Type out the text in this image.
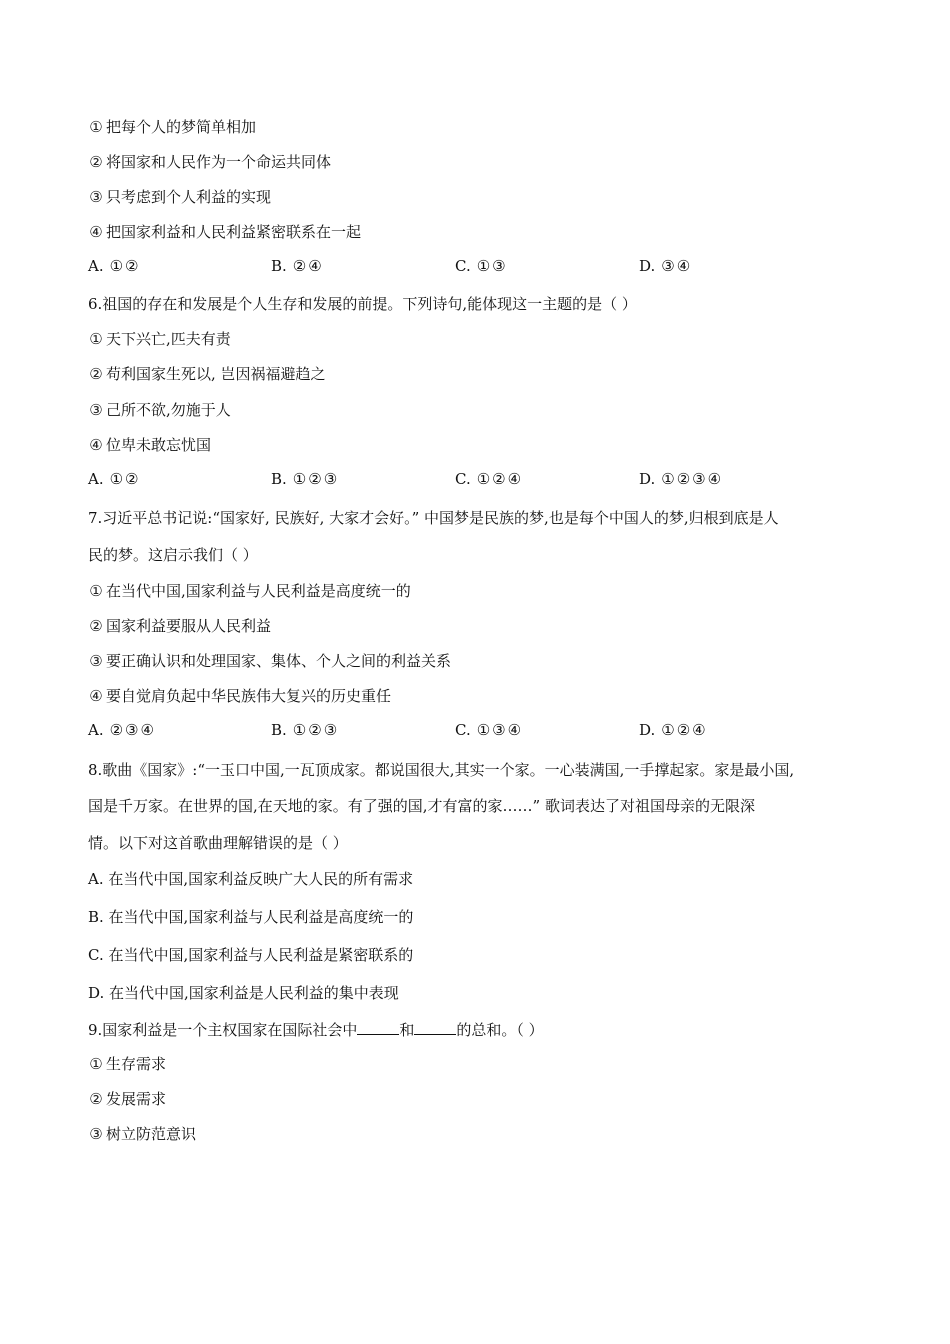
① 把每个人的梦简单相加
② 将国家和人民作为一个命运共同体
③ 只考虑到个人利益的实现
④ 把国家利益和人民利益紧密联系在一起
A. ①②	B. ②④	C. ①③	D. ③④
6.祖国的存在和发展是个人生存和发展的前提。下列诗句,能体现这一主题的是（ ）
① 天下兴亡,匹夫有责
② 苟利国家生死以, 岂因祸福避趋之
③ 己所不欲,勿施于人
④ 位卑未敢忘忧国
A. ①②	B. ①②③	C. ①②④	D. ①②③④
7.习近平总书记说:“国家好, 民族好, 大家才会好。” 中国梦是民族的梦,也是每个中国人的梦,归根到底是人
民的梦。这启示我们（ ）
① 在当代中国,国家利益与人民利益是高度统一的
② 国家利益要服从人民利益
③ 要正确认识和处理国家、集体、个人之间的利益关系
④ 要自觉肩负起中华民族伟大复兴的历史重任
A. ②③④	B. ①②③	C. ①③④	D. ①②④
8.歌曲《国家》:“一玉口中国,一瓦顶成家。都说国很大,其实一个家。一心装满国,一手撑起家。家是最小国,
国是千万家。在世界的国,在天地的家。有了强的国,才有富的家‥‥‥” 歌词表达了对祖国母亲的无限深
情。以下对这首歌曲理解错误的是（ ）
A. 在当代中国,国家利益反映广大人民的所有需求
B. 在当代中国,国家利益与人民利益是高度统一的
C. 在当代中国,国家利益与人民利益是紧密联系的
D. 在当代中国,国家利益是人民利益的集中表现
9.国家利益是一个主权国家在国际社会中	和	的总和。（ ）
① 生存需求
② 发展需求
③ 树立防范意识
